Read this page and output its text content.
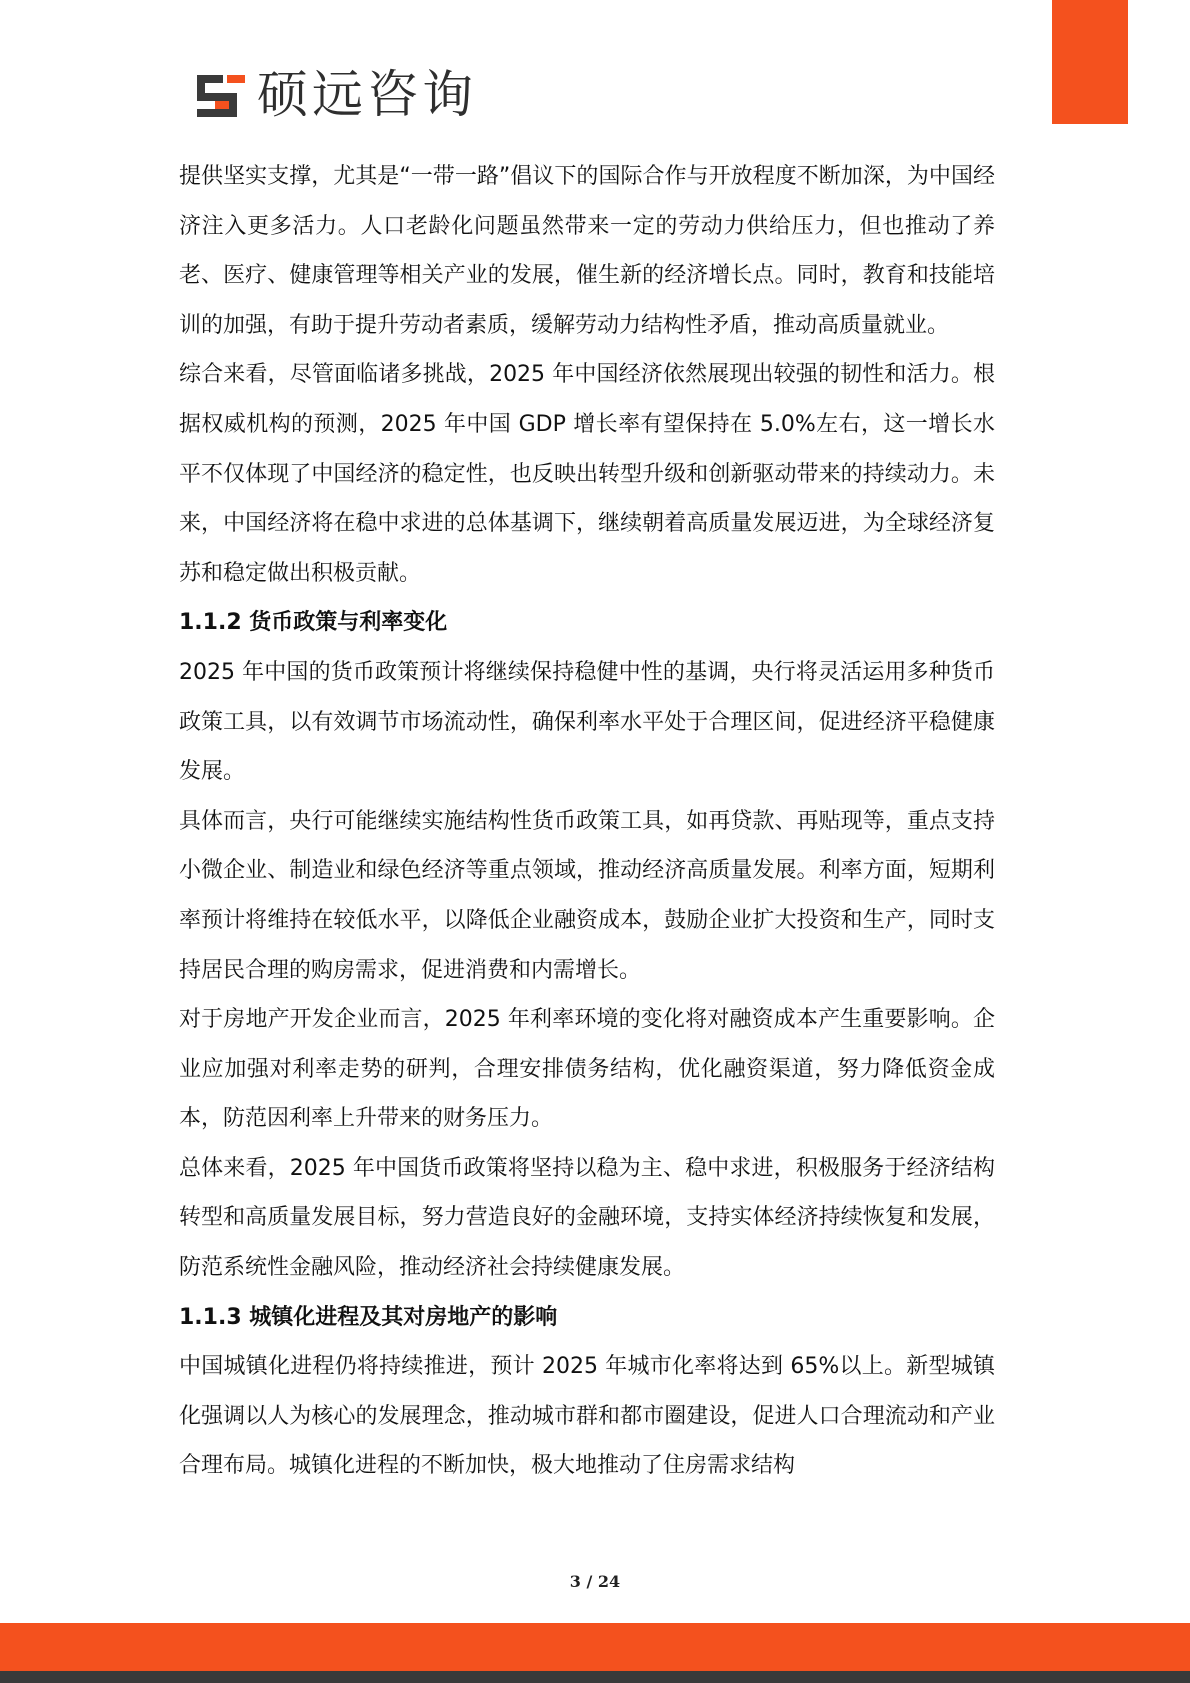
硕远咨询

提供坚实支撑，尤其是“一带一路”倡议下的国际合作与开放程度不断加深，为中国经济注入更多活力。人口老龄化问题虽然带来一定的劳动力供给压力，但也推动了养老、医疗、健康管理等相关产业的发展，催生新的经济增长点。同时，教育和技能培训的加强，有助于提升劳动者素质，缓解劳动力结构性矛盾，推动高质量就业。

综合来看，尽管面临诸多挑战，2025 年中国经济依然展现出较强的韧性和活力。根据权威机构的预测，2025 年中国 GDP 增长率有望保持在 5.0%左右，这一增长水平不仅体现了中国经济的稳定性，也反映出转型升级和创新驱动带来的持续动力。未来，中国经济将在稳中求进的总体基调下，继续朝着高质量发展迈进，为全球经济复苏和稳定做出积极贡献。

1.1.2 货币政策与利率变化

2025 年中国的货币政策预计将继续保持稳健中性的基调，央行将灵活运用多种货币政策工具，以有效调节市场流动性，确保利率水平处于合理区间，促进经济平稳健康发展。

具体而言，央行可能继续实施结构性货币政策工具，如再贷款、再贴现等，重点支持小微企业、制造业和绿色经济等重点领域，推动经济高质量发展。利率方面，短期利率预计将维持在较低水平，以降低企业融资成本，鼓励企业扩大投资和生产，同时支持居民合理的购房需求，促进消费和内需增长。

对于房地产开发企业而言，2025 年利率环境的变化将对融资成本产生重要影响。企业应加强对利率走势的研判，合理安排债务结构，优化融资渠道，努力降低资金成本，防范因利率上升带来的财务压力。

总体来看，2025 年中国货币政策将坚持以稳为主、稳中求进，积极服务于经济结构转型和高质量发展目标，努力营造良好的金融环境，支持实体经济持续恢复和发展，防范系统性金融风险，推动经济社会持续健康发展。

1.1.3 城镇化进程及其对房地产的影响

中国城镇化进程仍将持续推进，预计 2025 年城市化率将达到 65%以上。新型城镇化强调以人为核心的发展理念，推动城市群和都市圈建设，促进人口合理流动和产业合理布局。城镇化进程的不断加快，极大地推动了住房需求结构

3 / 24
